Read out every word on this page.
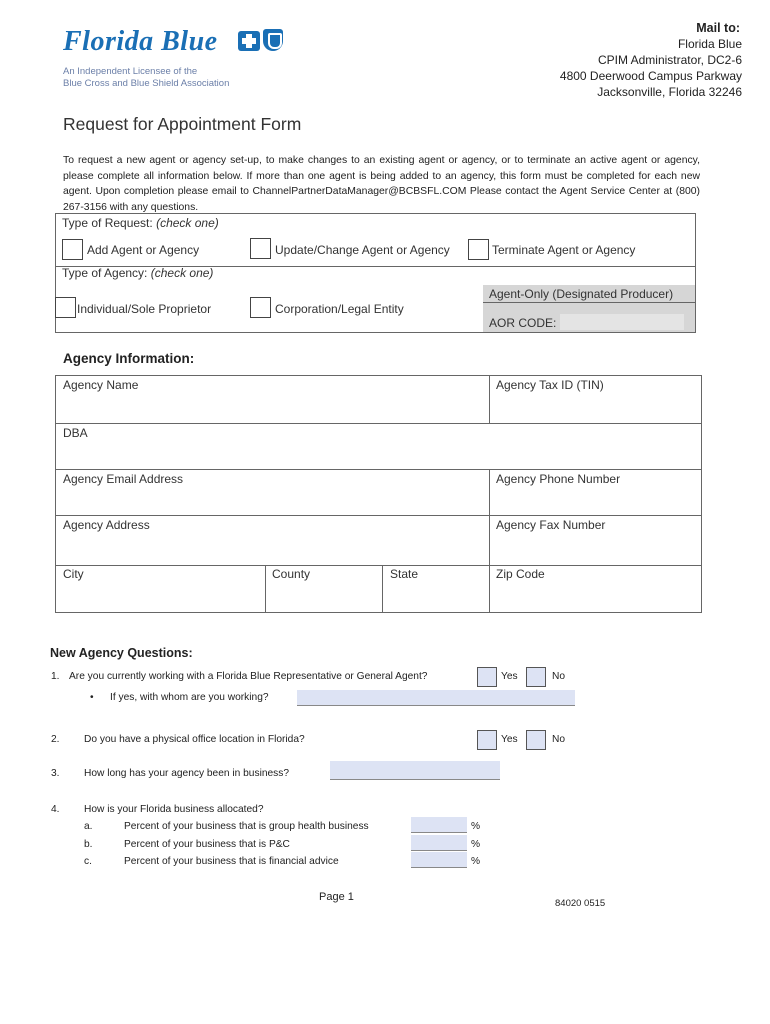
Florida Blue
An Independent Licensee of the
Blue Cross and Blue Shield Association
Mail to:
Florida Blue
CPIM Administrator, DC2-6
4800 Deerwood Campus Parkway
Jacksonville, Florida 32246
Request for Appointment Form
To request a new agent or agency set-up, to make changes to an existing agent or agency, or to terminate an active agent or agency, please complete all information below. If more than one agent is being added to an agency, this form must be completed for each new agent. Upon completion please email to ChannelPartnerDataManager@BCBSFL.COM Please contact the Agent Service Center at (800) 267-3156 with any questions.
Type of Request: (check one)
Add Agent or Agency	Update/Change Agent or Agency	Terminate Agent or Agency
Type of Agency: (check one)
Individual/Sole Proprietor	Corporation/Legal Entity
Agent-Only (Designated Producer)
AOR CODE:
Agency Information:
Agency Name	Agency Tax ID (TIN)
DBA
Agency Email Address	Agency Phone Number
Agency Address	Agency Fax Number
City	County	State	Zip Code
New Agency Questions:
1. Are you currently working with a Florida Blue Representative or General Agent?	Yes	No
• If yes, with whom are you working?
2. Do you have a physical office location in Florida?	Yes	No
3. How long has your agency been in business?
4. How is your Florida business allocated?
a.	Percent of your business that is group health business	%
b.	Percent of your business that is P&C	%
c.	Percent of your business that is financial advice	%
Page 1
84020 0515
